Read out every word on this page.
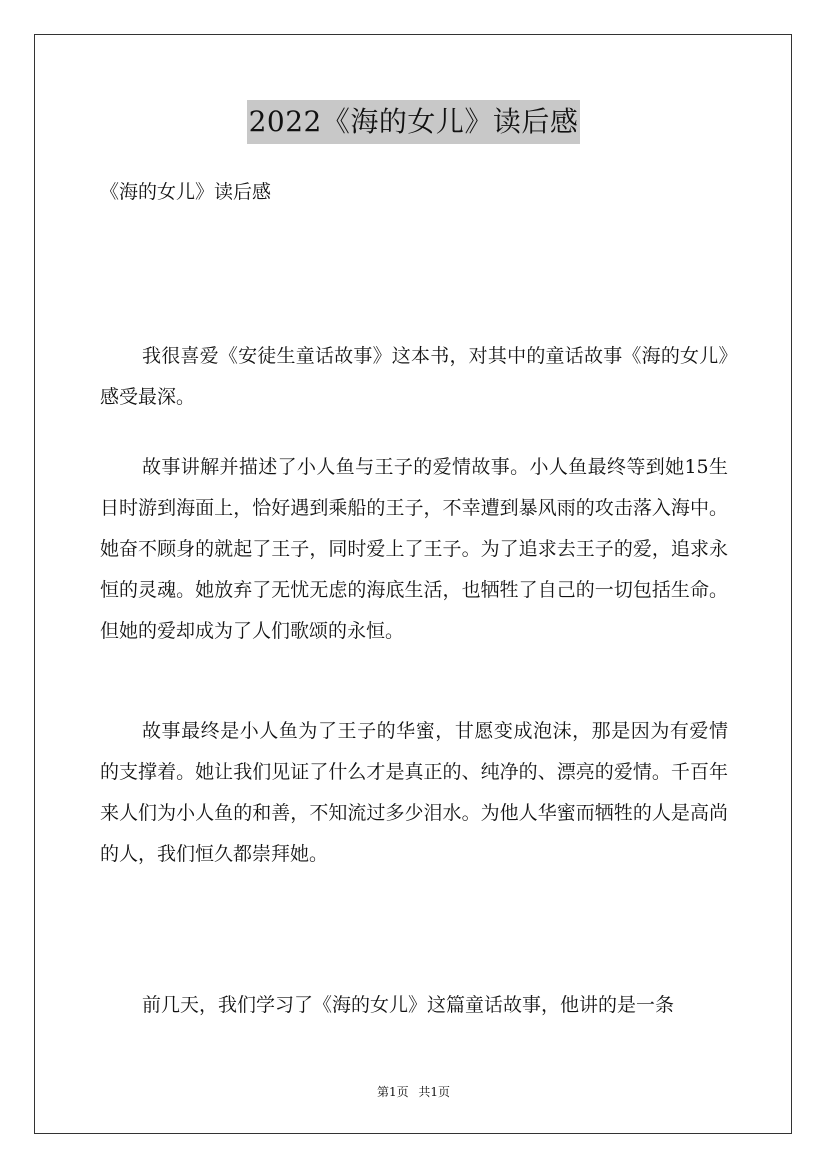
2022《海的女儿》读后感
《海的女儿》读后感

我很喜爱《安徒生童话故事》这本书，对其中的童话故事《海的女儿》感受最深。

故事讲解并描述了小人鱼与王子的爱情故事。小人鱼最终等到她15生日时游到海面上，恰好遇到乘船的王子，不幸遭到暴风雨的攻击落入海中。她奋不顾身的就起了王子，同时爱上了王子。为了追求去王子的爱，追求永恒的灵魂。她放弃了无忧无虑的海底生活，也牺牲了自己的一切包括生命。但她的爱却成为了人们歌颂的永恒。

故事最终是小人鱼为了王子的华蜜，甘愿变成泡沫，那是因为有爱情的支撑着。她让我们见证了什么才是真正的、纯净的、漂亮的爱情。千百年来人们为小人鱼的和善，不知流过多少泪水。为他人华蜜而牺牲的人是高尚的人，我们恒久都崇拜她。

前几天，我们学习了《海的女儿》这篇童话故事，他讲的是一条

第1页 共1页
